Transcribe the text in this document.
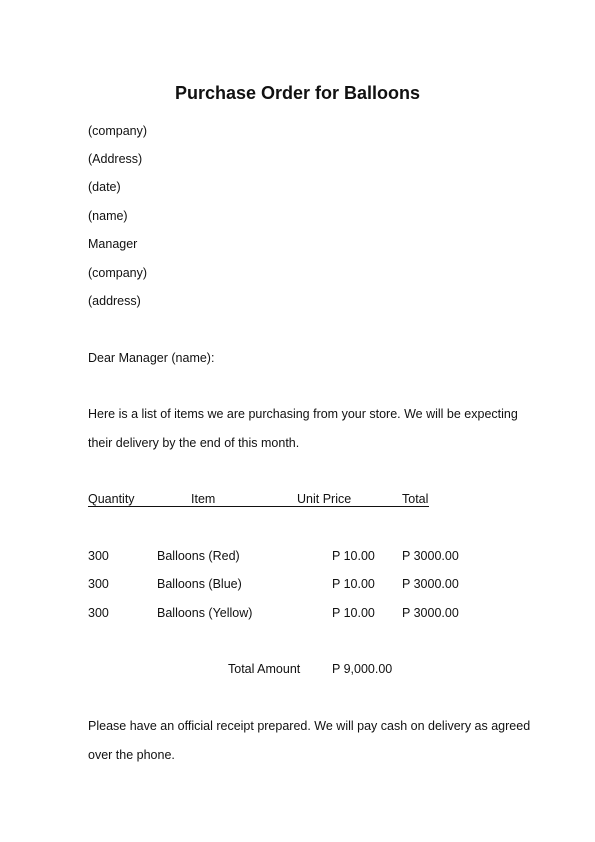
Purchase Order for Balloons
(company)
(Address)
(date)
(name)
Manager
(company)
(address)
Dear Manager (name):
Here is a list of items we are purchasing from your store. We will be expecting
their delivery by the end of this month.
Quantity	Item	Unit Price	Total
300	Balloons (Red)	P 10.00 P 3000.00
300	Balloons (Blue)	P 10.00 P 3000.00
300	Balloons (Yellow)	P 10.00 P 3000.00
Total Amount	P 9,000.00
Please have an official receipt prepared. We will pay cash on delivery as agreed
over the phone.
